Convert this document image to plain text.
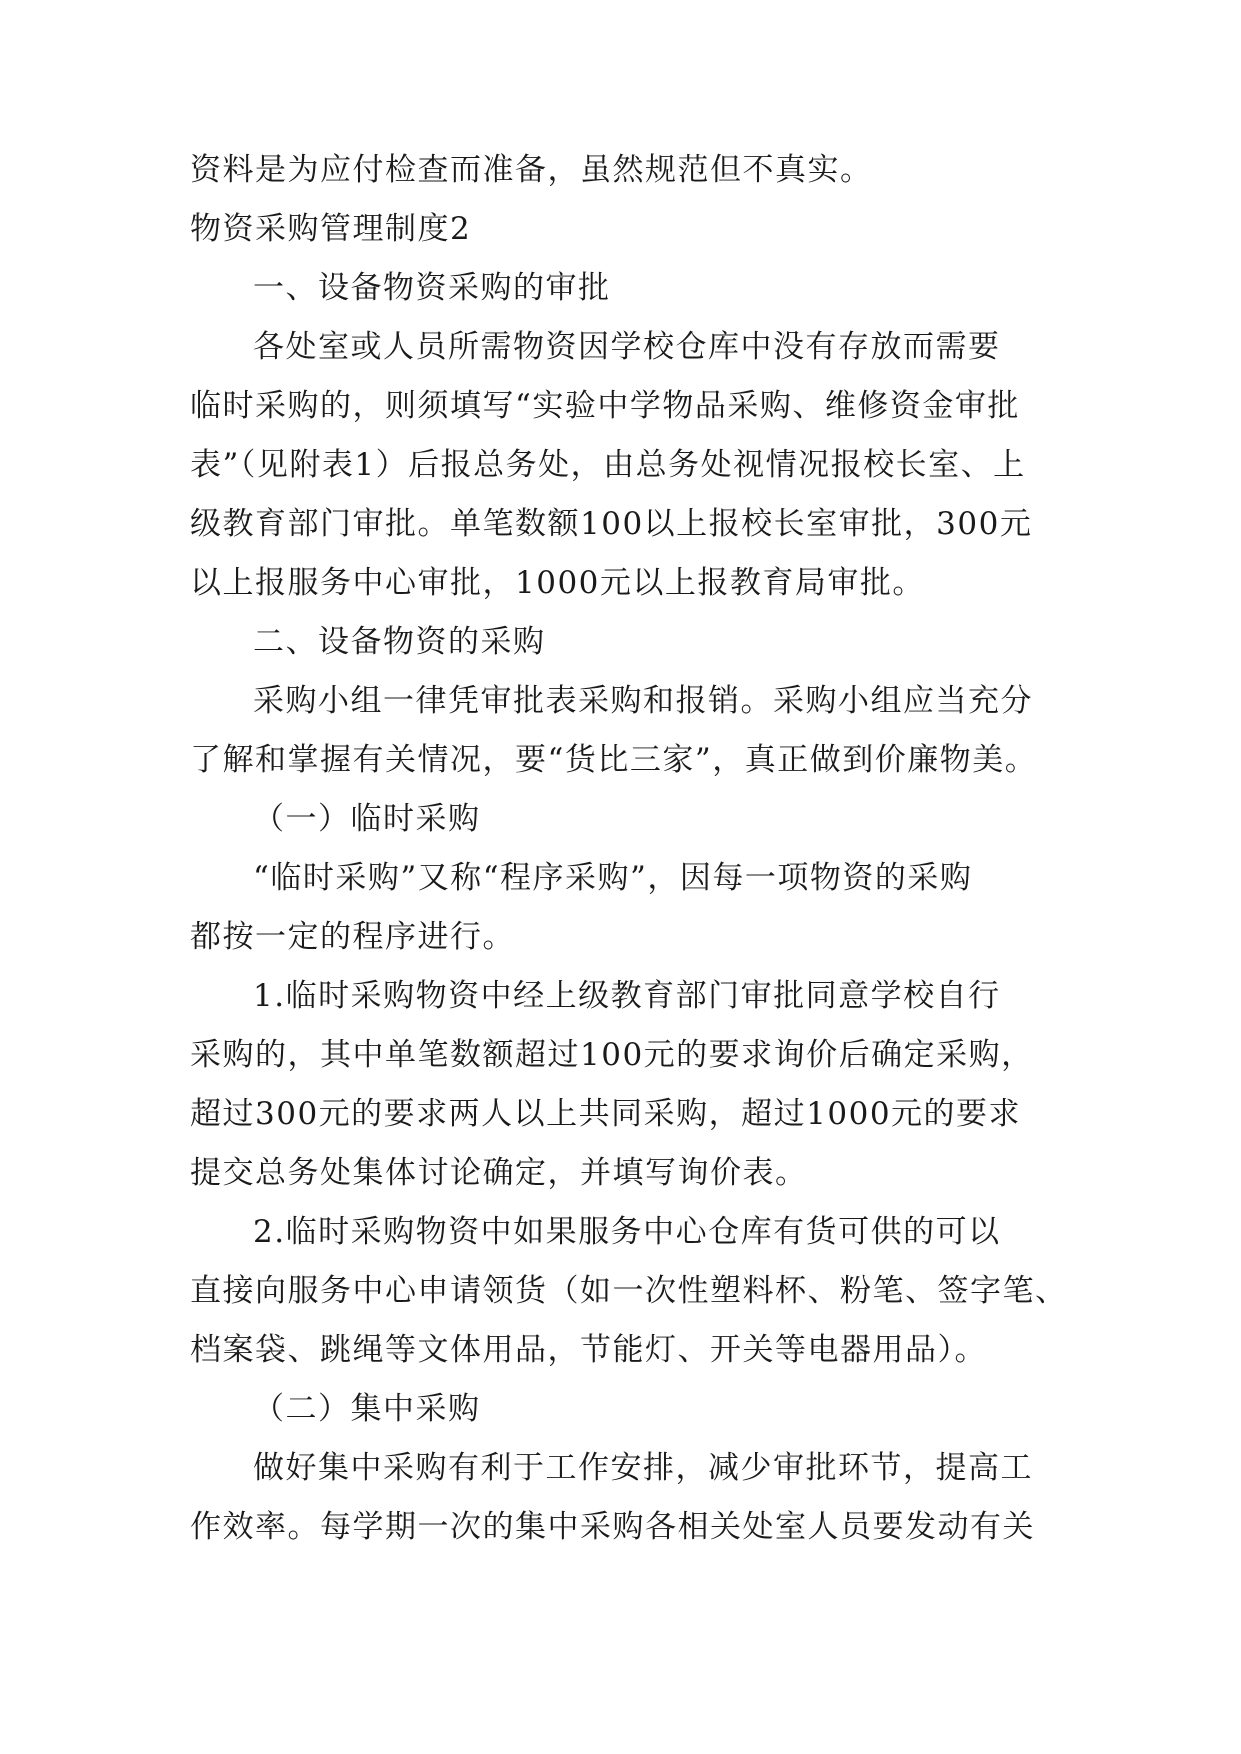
资料是为应付检查而准备，虽然规范但不真实。
物资采购管理制度2
一、设备物资采购的审批
各处室或人员所需物资因学校仓库中没有存放而需要
临时采购的，则须填写“实验中学物品采购、维修资金审批
表”（见附表1）后报总务处，由总务处视情况报校长室、上
级教育部门审批。单笔数额100以上报校长室审批，300元
以上报服务中心审批，1000元以上报教育局审批。
二、设备物资的采购
采购小组一律凭审批表采购和报销。采购小组应当充分
了解和掌握有关情况，要“货比三家”，真正做到价廉物美。
（一）临时采购
“临时采购”又称“程序采购”，因每一项物资的采购
都按一定的程序进行。
1.临时采购物资中经上级教育部门审批同意学校自行
采购的，其中单笔数额超过100元的要求询价后确定采购，
超过300元的要求两人以上共同采购，超过1000元的要求
提交总务处集体讨论确定，并填写询价表。
2.临时采购物资中如果服务中心仓库有货可供的可以
直接向服务中心申请领货（如一次性塑料杯、粉笔、签字笔、
档案袋、跳绳等文体用品，节能灯、开关等电器用品）。
（二）集中采购
做好集中采购有利于工作安排，减少审批环节，提高工
作效率。每学期一次的集中采购各相关处室人员要发动有关
